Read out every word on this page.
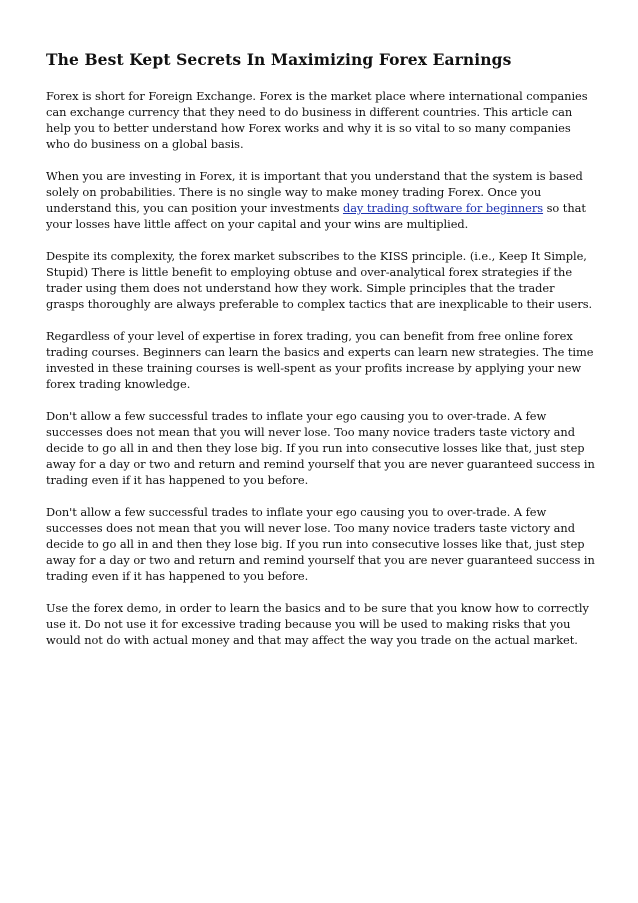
The Best Kept Secrets In Maximizing Forex Earnings

Forex is short for Foreign Exchange. Forex is the market place where international companies can exchange currency that they need to do business in different countries. This article can help you to better understand how Forex works and why it is so vital to so many companies who do business on a global basis.

When you are investing in Forex, it is important that you understand that the system is based solely on probabilities. There is no single way to make money trading Forex. Once you understand this, you can position your investments day trading software for beginners so that your losses have little affect on your capital and your wins are multiplied.

Despite its complexity, the forex market subscribes to the KISS principle. (i.e., Keep It Simple, Stupid) There is little benefit to employing obtuse and over-analytical forex strategies if the trader using them does not understand how they work. Simple principles that the trader grasps thoroughly are always preferable to complex tactics that are inexplicable to their users.

Regardless of your level of expertise in forex trading, you can benefit from free online forex trading courses. Beginners can learn the basics and experts can learn new strategies. The time invested in these training courses is well-spent as your profits increase by applying your new forex trading knowledge.

Don't allow a few successful trades to inflate your ego causing you to over-trade. A few successes does not mean that you will never lose. Too many novice traders taste victory and decide to go all in and then they lose big. If you run into consecutive losses like that, just step away for a day or two and return and remind yourself that you are never guaranteed success in trading even if it has happened to you before.

Don't allow a few successful trades to inflate your ego causing you to over-trade. A few successes does not mean that you will never lose. Too many novice traders taste victory and decide to go all in and then they lose big. If you run into consecutive losses like that, just step away for a day or two and return and remind yourself that you are never guaranteed success in trading even if it has happened to you before.

Use the forex demo, in order to learn the basics and to be sure that you know how to correctly use it. Do not use it for excessive trading because you will be used to making risks that you would not do with actual money and that may affect the way you trade on the actual market.
